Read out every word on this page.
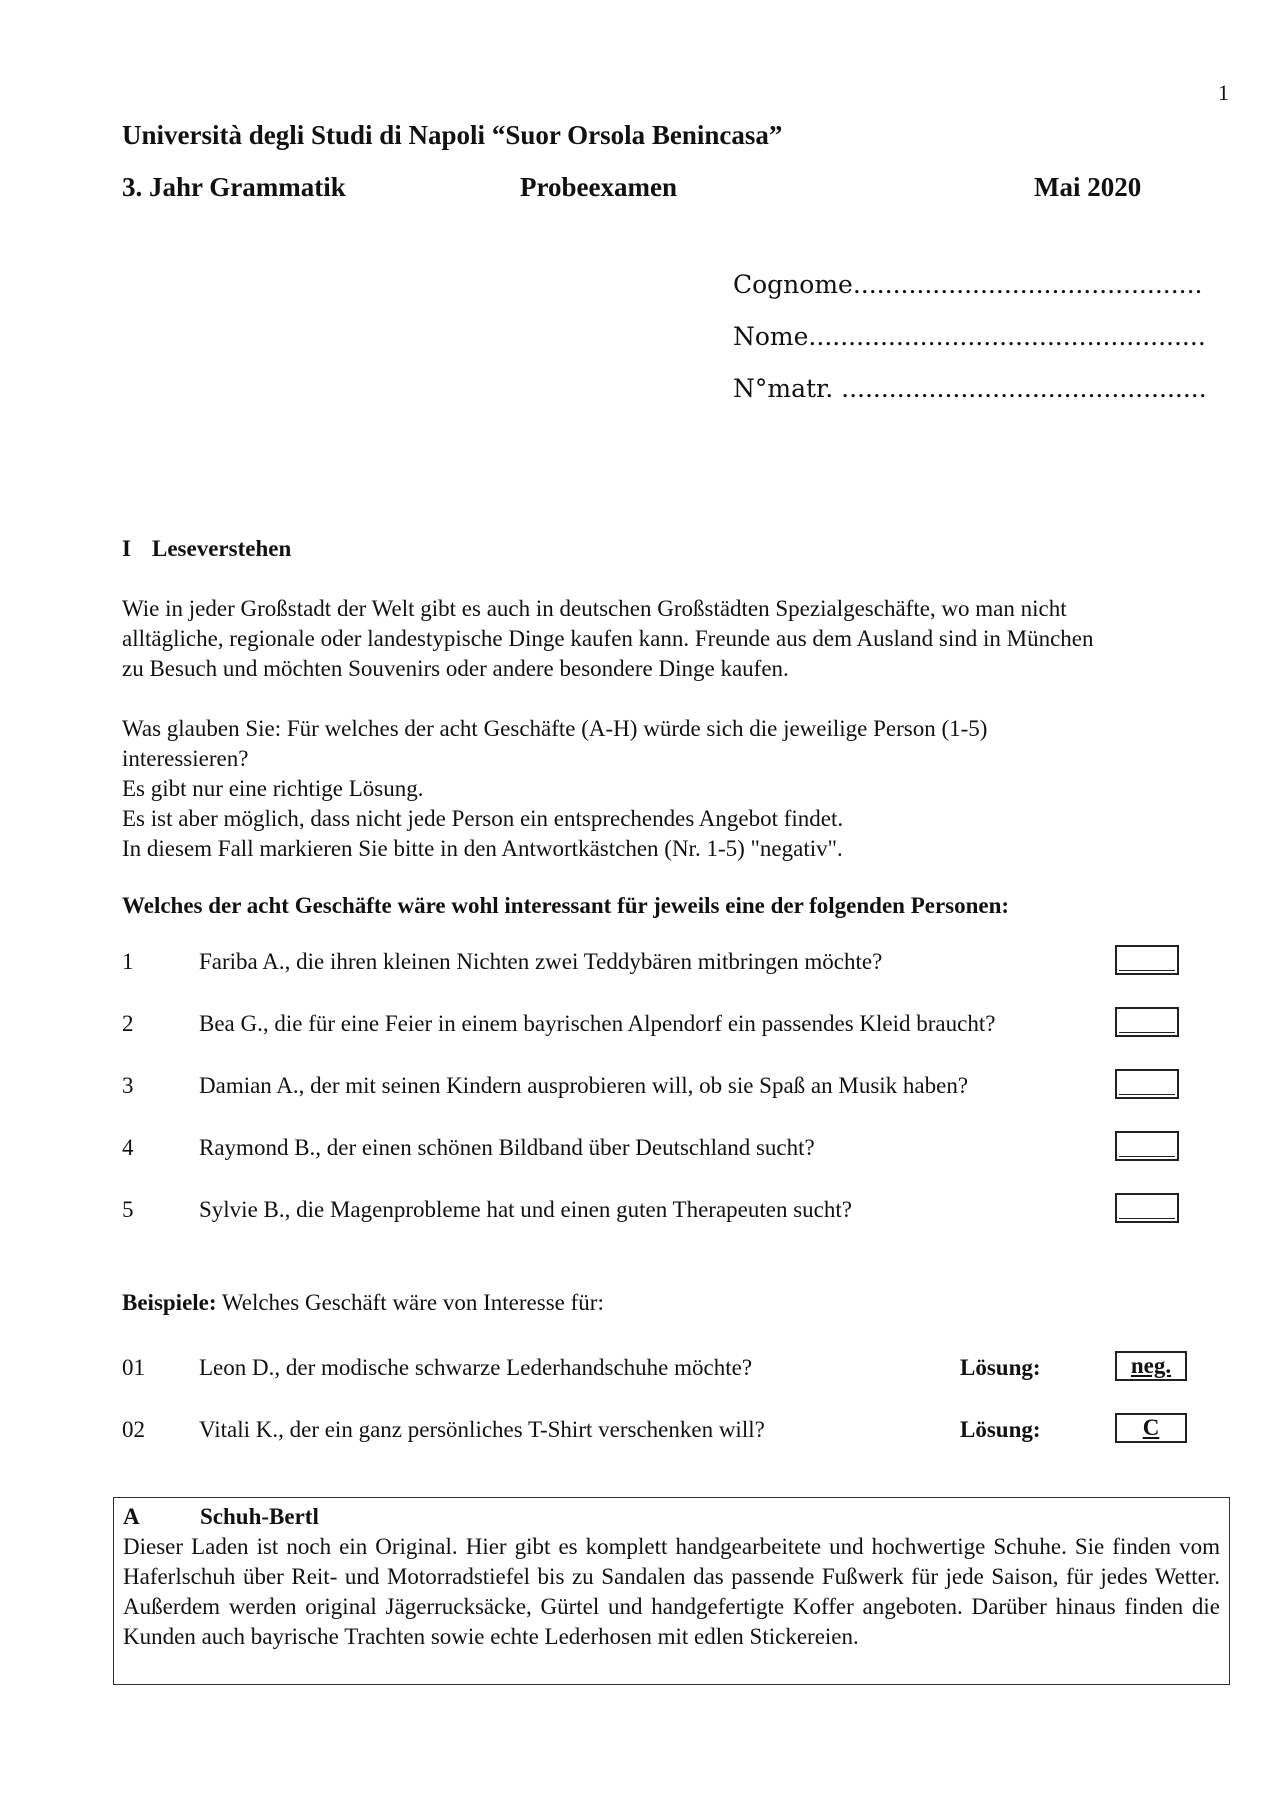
1
Università degli Studi di Napoli “Suor Orsola Benincasa”
3. Jahr Grammatik	Probeexamen	Mai 2020
Cognome............................................
Nome..................................................
N°matr. ..............................................
I Leseverstehen
Wie in jeder Großstadt der Welt gibt es auch in deutschen Großstädten Spezialgeschäfte, wo man nicht
alltägliche, regionale oder landestypische Dinge kaufen kann. Freunde aus dem Ausland sind in München
zu Besuch und möchten Souvenirs oder andere besondere Dinge kaufen.
Was glauben Sie: Für welches der acht Geschäfte (A-H) würde sich die jeweilige Person (1-5)
interessieren?
Es gibt nur eine richtige Lösung.
Es ist aber möglich, dass nicht jede Person ein entsprechendes Angebot findet.
In diesem Fall markieren Sie bitte in den Antwortkästchen (Nr. 1-5) "negativ".
Welches der acht Geschäfte wäre wohl interessant für jeweils eine der folgenden Personen:
1	Fariba A., die ihren kleinen Nichten zwei Teddybären mitbringen möchte?
2	Bea G., die für eine Feier in einem bayrischen Alpendorf ein passendes Kleid braucht?
3	Damian A., der mit seinen Kindern ausprobieren will, ob sie Spaß an Musik haben?
4	Raymond B., der einen schönen Bildband über Deutschland sucht?
5	Sylvie B., die Magenprobleme hat und einen guten Therapeuten sucht?
Beispiele: Welches Geschäft wäre von Interesse für:
01 Leon D., der modische schwarze Lederhandschuhe möchte?	Lösung:	neg.
02 Vitali K., der ein ganz persönliches T-Shirt verschenken will?	Lösung:	C
A	Schuh-Bertl
Dieser Laden ist noch ein Original. Hier gibt es komplett handgearbeitete und hochwertige Schuhe. Sie finden vom Haferlschuh über Reit- und Motorradstiefel bis zu Sandalen das passende Fußwerk für jede Saison, für jedes Wetter. Außerdem werden original Jägerrucksäcke, Gürtel und handgefertigte Koffer angeboten. Darüber hinaus finden die Kunden auch bayrische Trachten sowie echte Lederhosen mit edlen Stickereien.
